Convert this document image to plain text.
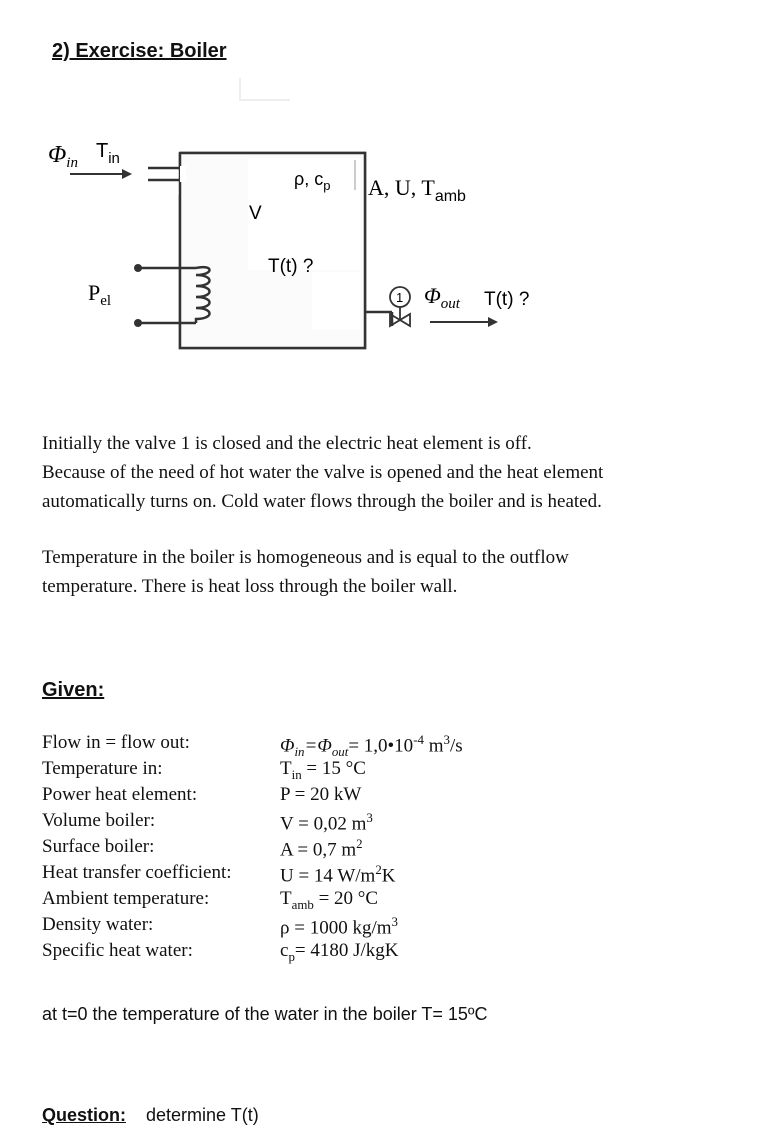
2) Exercise: Boiler
$\Phi_{in}$
$T_{in}$
ρ, $c_p$ A, U, $T_{amb}$
V
T(t) ?
$P_{el}$	1 $\Phi_{out}$ T(t) ?
Initially the valve 1 is closed and the electric heat element is off.
Because of the need of hot water the valve is opened and the heat element
automatically turns on. Cold water flows through the boiler and is heated.
Temperature in the boiler is homogeneous and is equal to the outflow
temperature. There is heat loss through the boiler wall.
Given:
Flow in = flow out:	$\Phi_{in}=\Phi_{out}=$ $1,0•10^{-4}$ $m^3/s$
Temperature in:	$T_{in} = 15$ °C
Power heat element:	P = 20 kW
Volume boiler:	V = 0,02 $m^3$
Surface boiler:	A = 0,7 $m^2$
Heat transfer coefficient:	U = 14 $W/m^2K$
Ambient temperature:	$T_{amb} = 20$ °C
Density water:	ρ = 1000 $kg/m^3$
Specific heat water:	$c_p= 4180$ J/kgK
at t=0 the temperature of the water in the boiler T= 15ºC
Question: determine T(t)
